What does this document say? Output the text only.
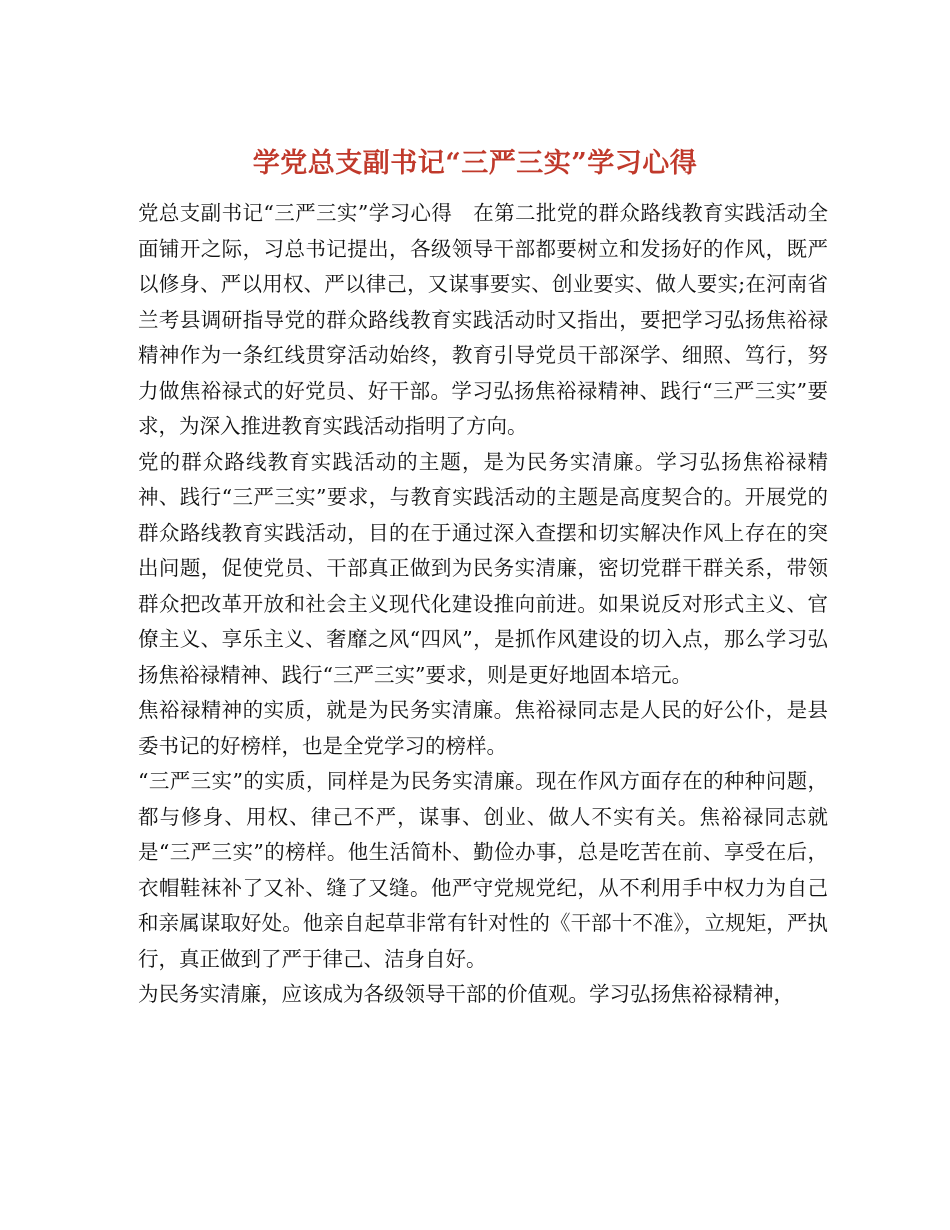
学党总支副书记“三严三实”学习心得

党总支副书记“三严三实”学习心得　在第二批党的群众路线教育实践活动全面铺开之际，习总书记提出，各级领导干部都要树立和发扬好的作风，既严以修身、严以用权、严以律己，又谋事要实、创业要实、做人要实;在河南省兰考县调研指导党的群众路线教育实践活动时又指出，要把学习弘扬焦裕禄精神作为一条红线贯穿活动始终，教育引导党员干部深学、细照、笃行，努力做焦裕禄式的好党员、好干部。学习弘扬焦裕禄精神、践行“三严三实”要求，为深入推进教育实践活动指明了方向。

党的群众路线教育实践活动的主题，是为民务实清廉。学习弘扬焦裕禄精神、践行“三严三实”要求，与教育实践活动的主题是高度契合的。开展党的群众路线教育实践活动，目的在于通过深入查摆和切实解决作风上存在的突出问题，促使党员、干部真正做到为民务实清廉，密切党群干群关系，带领群众把改革开放和社会主义现代化建设推向前进。如果说反对形式主义、官僚主义、享乐主义、奢靡之风“四风”，是抓作风建设的切入点，那么学习弘扬焦裕禄精神、践行“三严三实”要求，则是更好地固本培元。

焦裕禄精神的实质，就是为民务实清廉。焦裕禄同志是人民的好公仆，是县委书记的好榜样，也是全党学习的榜样。

“三严三实”的实质，同样是为民务实清廉。现在作风方面存在的种种问题，都与修身、用权、律己不严，谋事、创业、做人不实有关。焦裕禄同志就是“三严三实”的榜样。他生活简朴、勤俭办事，总是吃苦在前、享受在后，衣帽鞋袜补了又补、缝了又缝。他严守党规党纪，从不利用手中权力为自己和亲属谋取好处。他亲自起草非常有针对性的《干部十不准》，立规矩，严执行，真正做到了严于律己、洁身自好。

为民务实清廉，应该成为各级领导干部的价值观。学习弘扬焦裕禄精神，
